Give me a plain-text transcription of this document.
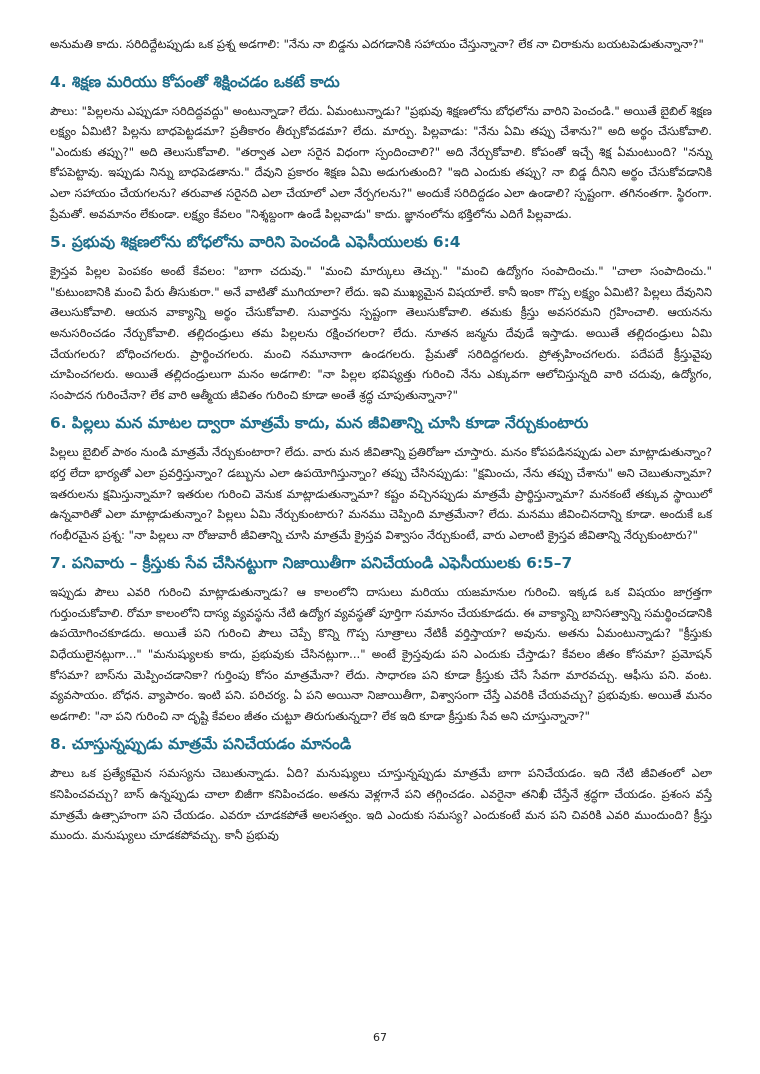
అనుమతి కాదు. సరిదిద్దేటప్పుడు ఒక ప్రశ్న అడగాలి: "నేను నా బిడ్డను ఎదగడానికి సహాయం చేస్తున్నానా? లేక నా చిరాకును బయటపెడుతున్నానా?"

4. శిక్షణ మరియు కోపంతో శిక్షించడం ఒకటే కాదు

పౌలు: "పిల్లలను ఎప్పుడూ సరిదిద్దవద్దు" అంటున్నాడా? లేదు. ఏమంటున్నాడు? "ప్రభువు శిక్షణలోను బోధలోను వారిని పెంచండి." అయితే బైబిల్ శిక్షణ లక్ష్యం ఏమిటి? పిల్లను బాధపెట్టడమా? ప్రతీకారం తీర్చుకోవడమా? లేదు. మార్పు. పిల్లవాడు: "నేను ఏమి తప్పు చేశాను?" అది అర్థం చేసుకోవాలి. "ఎందుకు తప్పు?" అది తెలుసుకోవాలి. "తర్వాత ఎలా సరైన విధంగా స్పందించాలి?" అది నేర్చుకోవాలి. కోపంతో ఇచ్చే శిక్ష ఏమంటుంది? "నన్ను కోపపెట్టావు. ఇప్పుడు నిన్ను బాధపెడతాను." దేవుని ప్రకారం శిక్షణ ఏమి అడుగుతుంది? "ఇది ఎందుకు తప్పు? నా బిడ్డ దీనిని అర్థం చేసుకోవడానికి ఎలా సహాయం చేయగలను? తరువాత సరైనది ఎలా చేయాలో ఎలా నేర్పగలను?" అందుకే సరిదిద్దడం ఎలా ఉండాలి? స్పష్టంగా. తగినంతగా. స్థిరంగా. ప్రేమతో. అవమానం లేకుండా. లక్ష్యం కేవలం "నిశ్శబ్దంగా ఉండే పిల్లవాడు" కాదు. జ్ఞానంలోను భక్తిలోను ఎదిగే పిల్లవాడు.

5. ప్రభువు శిక్షణలోను బోధలోను వారిని పెంచండి ఎఫెసీయులకు 6:4

క్రైస్తవ పిల్లల పెంపకం అంటే కేవలం: "బాగా చదువు." "మంచి మార్కులు తెచ్చు." "మంచి ఉద్యోగం సంపాదించు." "చాలా సంపాదించు." "కుటుంబానికి మంచి పేరు తీసుకురా." అనే వాటితో ముగియాలా? లేదు. ఇవి ముఖ్యమైన విషయాలే. కానీ ఇంకా గొప్ప లక్ష్యం ఏమిటి? పిల్లలు దేవునిని తెలుసుకోవాలి. ఆయన వాక్యాన్ని అర్థం చేసుకోవాలి. సువార్తను స్పష్టంగా తెలుసుకోవాలి. తమకు క్రీస్తు అవసరమని గ్రహించాలి. ఆయనను అనుసరించడం నేర్చుకోవాలి. తల్లిదండ్రులు తమ పిల్లలను రక్షించగలరా? లేదు. నూతన జన్మను దేవుడే ఇస్తాడు. అయితే తల్లిదండ్రులు ఏమి చేయగలరు? బోధించగలరు. ప్రార్థించగలరు. మంచి నమూనాగా ఉండగలరు. ప్రేమతో సరిదిద్దగలరు. ప్రోత్సహించగలరు. పదేపదే క్రీస్తువైపు చూపించగలరు. అయితే తల్లిదండ్రులుగా మనం అడగాలి: "నా పిల్లల భవిష్యత్తు గురించి నేను ఎక్కువగా ఆలోచిస్తున్నది వారి చదువు, ఉద్యోగం, సంపాదన గురించేనా? లేక వారి ఆత్మీయ జీవితం గురించి కూడా అంతే శ్రద్ధ చూపుతున్నానా?"

6. పిల్లలు మన మాటల ద్వారా మాత్రమే కాదు, మన జీవితాన్ని చూసి కూడా నేర్చుకుంటారు

పిల్లలు బైబిల్ పాఠం నుండి మాత్రమే నేర్చుకుంటారా? లేదు. వారు మన జీవితాన్ని ప్రతిరోజూ చూస్తారు. మనం కోపపడినప్పుడు ఎలా మాట్లాడుతున్నాం? భర్త లేదా భార్యతో ఎలా ప్రవర్తిస్తున్నాం? డబ్బును ఎలా ఉపయోగిస్తున్నాం? తప్పు చేసినప్పుడు: "క్షమించు, నేను తప్పు చేశాను" అని చెబుతున్నామా? ఇతరులను క్షమిస్తున్నామా? ఇతరుల గురించి వెనుక మాట్లాడుతున్నామా? కష్టం వచ్చినప్పుడు మాత్రమే ప్రార్థిస్తున్నామా? మనకంటే తక్కువ స్థాయిలో ఉన్నవారితో ఎలా మాట్లాడుతున్నాం? పిల్లలు ఏమి నేర్చుకుంటారు? మనము చెప్పింది మాత్రమేనా? లేదు. మనము జీవించినదాన్ని కూడా. అందుకే ఒక గంభీరమైన ప్రశ్న: "నా పిల్లలు నా రోజువారీ జీవితాన్ని చూసి మాత్రమే క్రైస్తవ విశ్వాసం నేర్చుకుంటే, వారు ఎలాంటి క్రైస్తవ జీవితాన్ని నేర్చుకుంటారు?"

7. పనివారు – క్రీస్తుకు సేవ చేసినట్టుగా నిజాయితీగా పనిచేయండి ఎఫెసీయులకు 6:5–7

ఇప్పుడు పౌలు ఎవరి గురించి మాట్లాడుతున్నాడు? ఆ కాలంలోని దాసులు మరియు యజమానుల గురించి. ఇక్కడ ఒక విషయం జాగ్రత్తగా గుర్తుంచుకోవాలి. రోమా కాలంలోని దాస్య వ్యవస్థను నేటి ఉద్యోగ వ్యవస్థతో పూర్తిగా సమానం చేయకూడదు. ఈ వాక్యాన్ని బానిసత్వాన్ని సమర్థించడానికి ఉపయోగించకూడదు. అయితే పని గురించి పౌలు చెప్పే కొన్ని గొప్ప సూత్రాలు నేటికీ వర్తిస్తాయా? అవును. అతను ఏమంటున్నాడు? "క్రీస్తుకు విధేయులైనట్లుగా..." "మనుష్యులకు కాదు, ప్రభువుకు చేసినట్లుగా..." అంటే క్రైస్తవుడు పని ఎందుకు చేస్తాడు? కేవలం జీతం కోసమా? ప్రమోషన్ కోసమా? బాస్‌ను మెప్పించడానికా? గుర్తింపు కోసం మాత్రమేనా? లేదు. సాధారణ పని కూడా క్రీస్తుకు చేసే సేవగా మారవచ్చు. ఆఫీసు పని. వంట. వ్యవసాయం. బోధన. వ్యాపారం. ఇంటి పని. పరిచర్య. ఏ పని అయినా నిజాయితీగా, విశ్వాసంగా చేస్తే ఎవరికి చేయవచ్చు? ప్రభువుకు. అయితే మనం అడగాలి: "నా పని గురించి నా దృష్టి కేవలం జీతం చుట్టూ తిరుగుతున్నదా? లేక ఇది కూడా క్రీస్తుకు సేవ అని చూస్తున్నానా?"

8. చూస్తున్నప్పుడు మాత్రమే పనిచేయడం మానండి

పౌలు ఒక ప్రత్యేకమైన సమస్యను చెబుతున్నాడు. ఏది? మనుష్యులు చూస్తున్నప్పుడు మాత్రమే బాగా పనిచేయడం. ఇది నేటి జీవితంలో ఎలా కనిపించవచ్చు? బాస్ ఉన్నప్పుడు చాలా బిజీగా కనిపించడం. అతను వెళ్లగానే పని తగ్గించడం. ఎవరైనా తనిఖీ చేస్తేనే శ్రద్ధగా చేయడం. ప్రశంస వస్తే మాత్రమే ఉత్సాహంగా పని చేయడం. ఎవరూ చూడకపోతే అలసత్వం. ఇది ఎందుకు సమస్య? ఎందుకంటే మన పని చివరికి ఎవరి ముందుంది? క్రీస్తు ముందు. మనుష్యులు చూడకపోవచ్చు. కానీ ప్రభువు

67
